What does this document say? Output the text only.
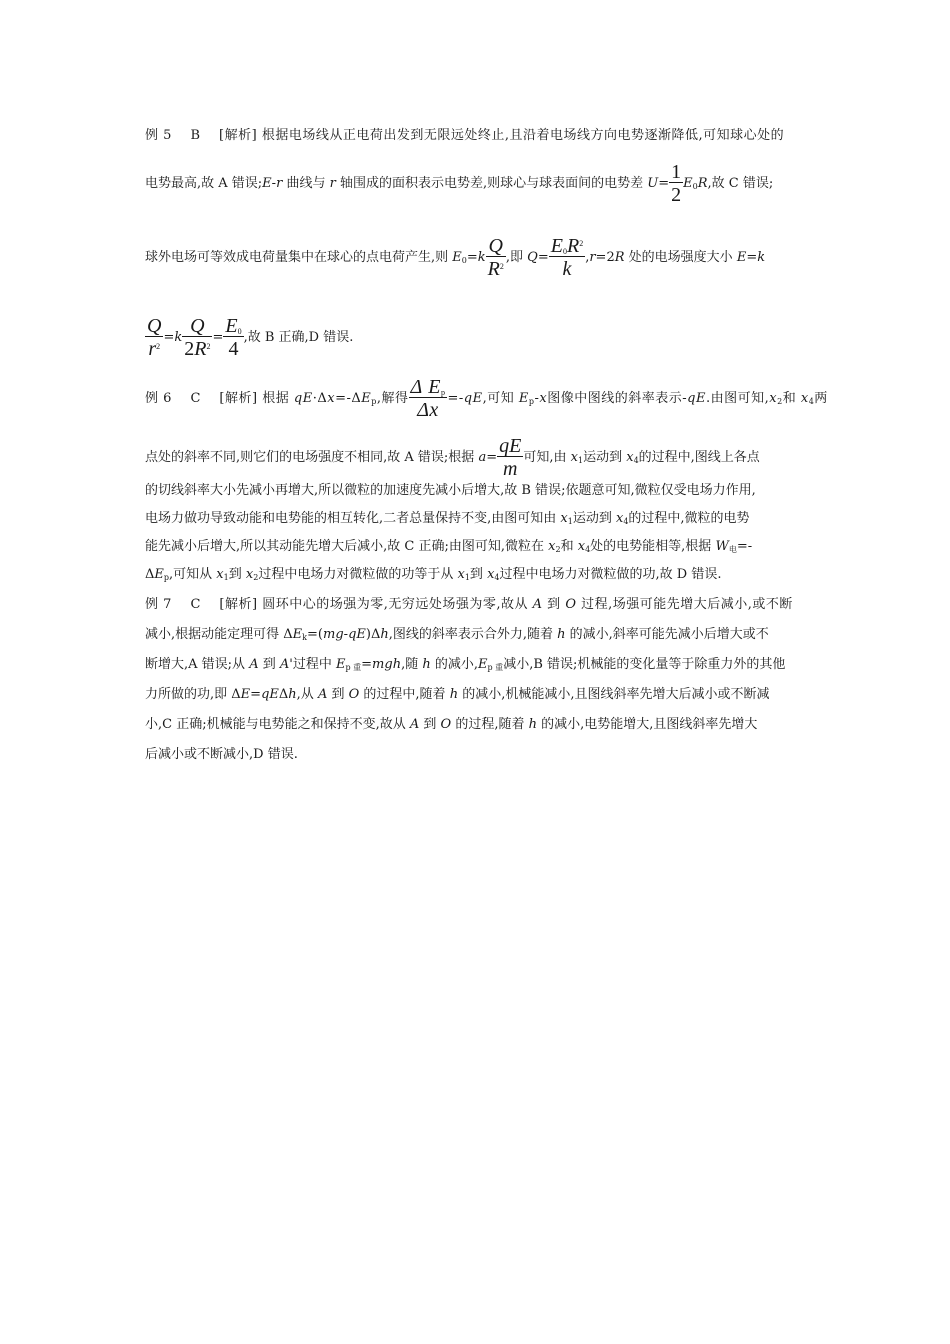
例 5 B [解析] 根据电场线从正电荷出发到无限远处终止,且沿着电场线方向电势逐渐降低,可知球心处的
电势最高,故 A 错误;E-r 曲线与 r 轴围成的面积表示电势差,则球心与球表面间的电势差 $U= \frac{1}{2} E_0R$,故 C 错误;
球外电场可等效成电荷量集中在球心的点电荷产生,则 $E_0=k \frac{Q}{R^2}$ ,即 $Q= \frac{E_0R^2}{k} ,r=2R$ 处的电场强度大小 E=k
$\frac{Q}{r^2} =k \frac{Q}{2R^2} = \frac{E_0}{4}$ ,故 B 正确,D 错误.
例 6 C [解析] 根据 $qE\cdot\Delta x=-\Delta E_p$,解得 $\frac{\Delta E_p}{\Delta x} =-qE$,可知 $E_p-x$图像中图线的斜率表示-qE.由图可知$,x_2$和 $x_4$两
点处的斜率不同,则它们的电场强度不相同,故 A 错误;根据 $a= \frac{qE}{m}$ 可知,由 $x_1$运动到 $x_4$的过程中,图线上各点
的切线斜率大小先减小再增大,所以微粒的加速度先减小后增大,故 B 错误;依题意可知,微粒仅受电场力作用,
电场力做功导致动能和电势能的相互转化,二者总量保持不变,由图可知由 $x_1$运动到 $x_4$的过程中,微粒的电势
能先减小后增大,所以其动能先增大后减小,故 C 正确;由图可知,微粒在 $x_2$和 $x_4$处的电势能相等,根据 $W_电=-$
$\Delta E_p$,可知从 $x_1$到 $x_2$过程中电场力对微粒做的功等于从 $x_1$到 $x_4$过程中电场力对微粒做的功,故 D 错误.
例 7 C [解析] 圆环中心的场强为零,无穷远处场强为零,故从 A 到 O 过程,场强可能先增大后减小,或不断
减小,根据动能定理可得 $\Delta E_k=(mg-qE)\Delta h$,图线的斜率表示合外力,随着 h 的减小,斜率可能先减小后增大或不
断增大,A 错误;从 A 到 A'过程中 $E_{p 重}=mgh$,随 h 的减小$,E_{p 重}$减小,B 错误;机械能的变化量等于除重力外的其他
力所做的功,即 ΔE=qEΔh,从 A 到 O 的过程中,随着 h 的减小,机械能减小,且图线斜率先增大后减小或不断减
小,C 正确;机械能与电势能之和保持不变,故从 A 到 O 的过程,随着 h 的减小,电势能增大,且图线斜率先增大
后减小或不断减小,D 错误.
